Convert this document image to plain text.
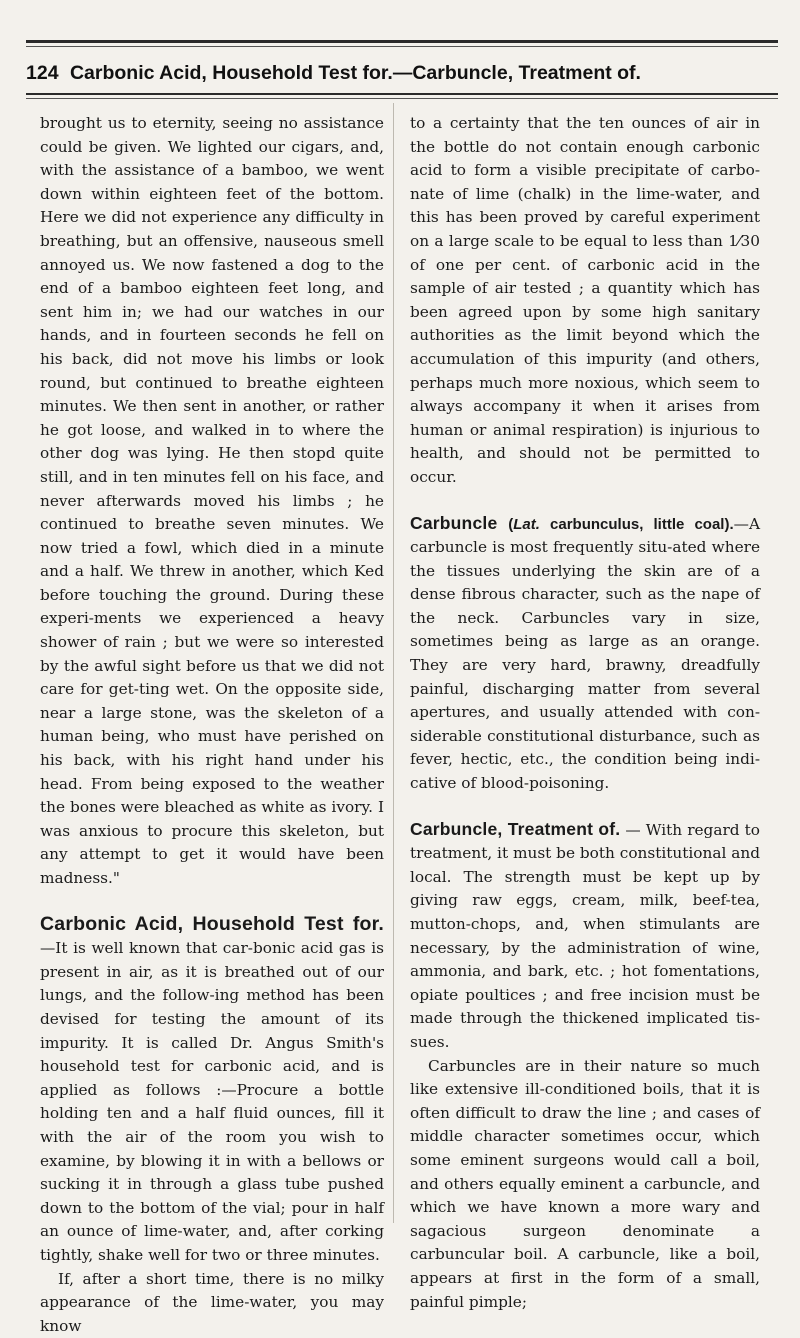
124 Carbonic Acid, Household Test for.—Carbuncle, Treatment of.

brought us to eternity, seeing no assistance could be given. We lighted our cigars, and, with the assistance of a bamboo, we went down within eighteen feet of the bottom. Here we did not experience any difficulty in breathing, but an offensive, nauseous smell annoyed us. We now fastened a dog to the end of a bamboo eighteen feet long, and sent him in; we had our watches in our hands, and in fourteen seconds he fell on his back, did not move his limbs or look round, but continued to breathe eighteen minutes. We then sent in another, or rather he got loose, and walked in to where the other dog was lying. He then stopd quite still, and in ten minutes fell on his face, and never afterwards moved his limbs ; he continued to breathe seven minutes. We now tried a fowl, which died in a minute and a half. We threw in another, which Ked before touching the ground. During these experi-ments we experienced a heavy shower of rain ; but we were so interested by the awful sight before us that we did not care for get-ting wet. On the opposite side, near a large stone, was the skeleton of a human being, who must have perished on his back, with his right hand under his head. From being exposed to the weather the bones were bleached as white as ivory. I was anxious to procure this skeleton, but any attempt to get it would have been madness."

Carbonic Acid, Household Test for.—It is well known that car-bonic acid gas is present in air, as it is breathed out of our lungs, and the follow-ing method has been devised for testing the amount of its impurity. It is called Dr. Angus Smith's household test for carbonic acid, and is applied as follows :—Procure a bottle holding ten and a half fluid ounces, fill it with the air of the room you wish to examine, by blowing it in with a bellows or sucking it in through a glass tube pushed down to the bottom of the vial; pour in half an ounce of lime-water, and, after corking tightly, shake well for two or three minutes.

If, after a short time, there is no milky appearance of the lime-water, you may know

to a certainty that the ten ounces of air in the bottle do not contain enough carbonic acid to form a visible precipitate of carbo-nate of lime (chalk) in the lime-water, and this has been proved by careful experiment on a large scale to be equal to less than 1⁄30 of one per cent. of carbonic acid in the sample of air tested ; a quantity which has been agreed upon by some high sanitary authorities as the limit beyond which the accumulation of this impurity (and others, perhaps much more noxious, which seem to always accompany it when it arises from human or animal respiration) is injurious to health, and should not be permitted to occur.

Carbuncle (Lat. carbunculus, little coal).—A carbuncle is most frequently situ-ated where the tissues underlying the skin are of a dense fibrous character, such as the nape of the neck. Carbuncles vary in size, sometimes being as large as an orange. They are very hard, brawny, dreadfully painful, discharging matter from several apertures, and usually attended with con-siderable constitutional disturbance, such as fever, hectic, etc., the condition being indi-cative of blood-poisoning.

Carbuncle, Treatment of. — With regard to treatment, it must be both constitutional and local. The strength must be kept up by giving raw eggs, cream, milk, beef-tea, mutton-chops, and, when stimulants are necessary, by the administration of wine, ammonia, and bark, etc. ; hot fomentations, opiate poultices ; and free incision must be made through the thickened implicated tis-sues.

Carbuncles are in their nature so much like extensive ill-conditioned boils, that it is often difficult to draw the line ; and cases of middle character sometimes occur, which some eminent surgeons would call a boil, and others equally eminent a carbuncle, and which we have known a more wary and sagacious surgeon denominate a carbuncular boil. A carbuncle, like a boil, appears at first in the form of a small, painful pimple;
